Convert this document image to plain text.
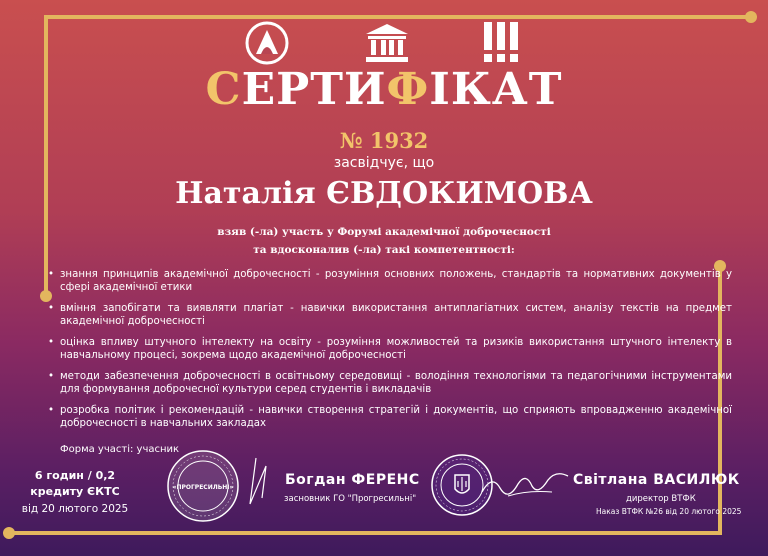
СЕРТИФІКАТ
№ 1932
засвідчує, що
Наталія ЄВДОКИМОВА
взяв (-ла) участь у Форумі академічної доброчесності
та вдосконалив (-ла) такі компетентності:
• знання принципів академічної доброчесності - розуміння основних положень, стандартів та нормативних документів у сфері академічної етики
• вміння запобігати та виявляти плагіат - навички використання антиплагіатних систем, аналізу текстів на предмет академічної доброчесності
• оцінка впливу штучного інтелекту на освіту - розуміння можливостей та ризиків використання штучного інтелекту в навчальному процесі, зокрема щодо академічної доброчесності
• методи забезпечення доброчесності в освітньому середовищі - володіння технологіями та педагогічними інструментами для формування доброчесної культури серед студентів і викладачів
• розробка політик і рекомендацій - навички створення стратегій і документів, що сприяють впровадженню академічної доброчесності в навчальних закладах
Форма участі: учасник
6 годин / 0,2
кредиту ЄКТС
від 20 лютого 2025
«ПРОГРЕСИЛЬНІ»	Богдан ФЕРЕНС
засновник ГО "Прогресильні"
Світлана ВАСИЛЮК
директор ВТФК
Наказ ВТФК №26 від 20 лютого 2025
